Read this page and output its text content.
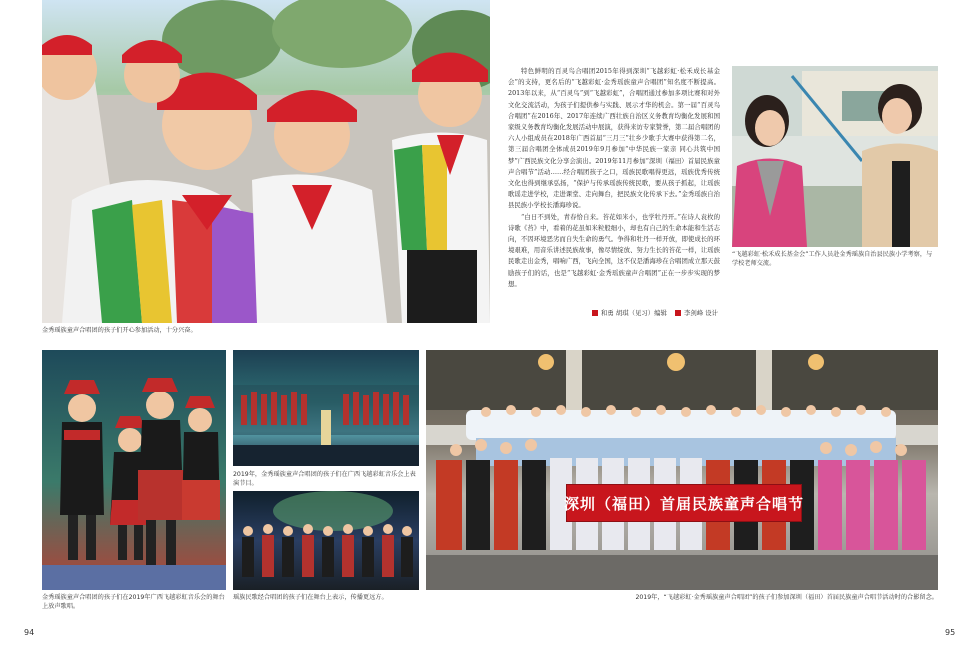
金秀瑶族童声合唱团的孩子们开心参加活动，十分兴奋。

特色鲜明的百灵鸟合唱团2015年得到深圳“飞越彩虹·松禾成长基金会”的支持，更名后的“飞越彩虹·金秀瑶族童声合唱团”知名度不断提高。2013年以来，从“百灵鸟”到“飞越彩虹”，合唱团通过参加多项比赛和对外文化交流活动，为孩子们提供参与实践、展示才华的机会。第一届“百灵鸟合唱团”在2016年、2017年连续广西壮族自治区义务教育均衡化发展和国家级义务教育均衡化发展活动中展演，获得来访专家赞誉，第二届合唱团的六人小组成员在2018年广西首届“三月三”壮乡少歌手大赛中获得第二名，第三届合唱团全体成员2019年9月参加“中华民族一家亲 同心共筑中国梦”广西民族文化分享会演出。2019年11月参加“深圳（福田）首届民族童声合唱节”活动……经合唱团孩子之口，瑶族民歌唱得更远，瑶族优秀传统文化也得到继承弘扬，“保护与传承瑶族传统民歌，要从孩子抓起，让瑶族歌谣走进学校，走进课堂、走向舞台，把民族文化传承下去。”金秀瑶族自治县民族小学校长潘海珍说。

“白日不到处，青春恰自来。苔花如米小，也学牡丹开。”在诗人袁枚的诗歌《苔》中，看着的花虽如米粒般细小，却也有自己的生命本能和生活志向，不因环境恶劣而自失生命的勇气。争得和牡丹一样开放，即使成长的环境艰难，用音乐讲述民族故事，像尽情绽放、努力生长的苔花一样，让瑶族民歌走出金秀，唱响广西，飞向全国，这不仅是潘海珍在合唱团成立那天鼓励孩子们的话，也是“飞越彩虹·金秀瑶族童声合唱团”正在一步步实现的梦想。

和勇 胡琪（见习）编辑	李剑峰 设计
“飞越彩虹·松禾成长基金会”工作人员赴金秀瑶族自治县民族小学考察，与学校老师交流。
金秀瑶族童声合唱团的孩子们在2019年广西飞越彩虹音乐会的舞台上放声歌唱。
2019年，金秀瑶族童声合唱团的孩子们在广西飞越彩虹音乐会上表演节目。
瑶族民歌经合唱团的孩子们在舞台上表示，传播更远方。
深圳（福田）首届民族童声合唱节
2019年，“飞越彩虹·金秀瑶族童声合唱团”的孩子们参加深圳（福田）首届民族童声合唱节活动时的合影留念。
94	95
